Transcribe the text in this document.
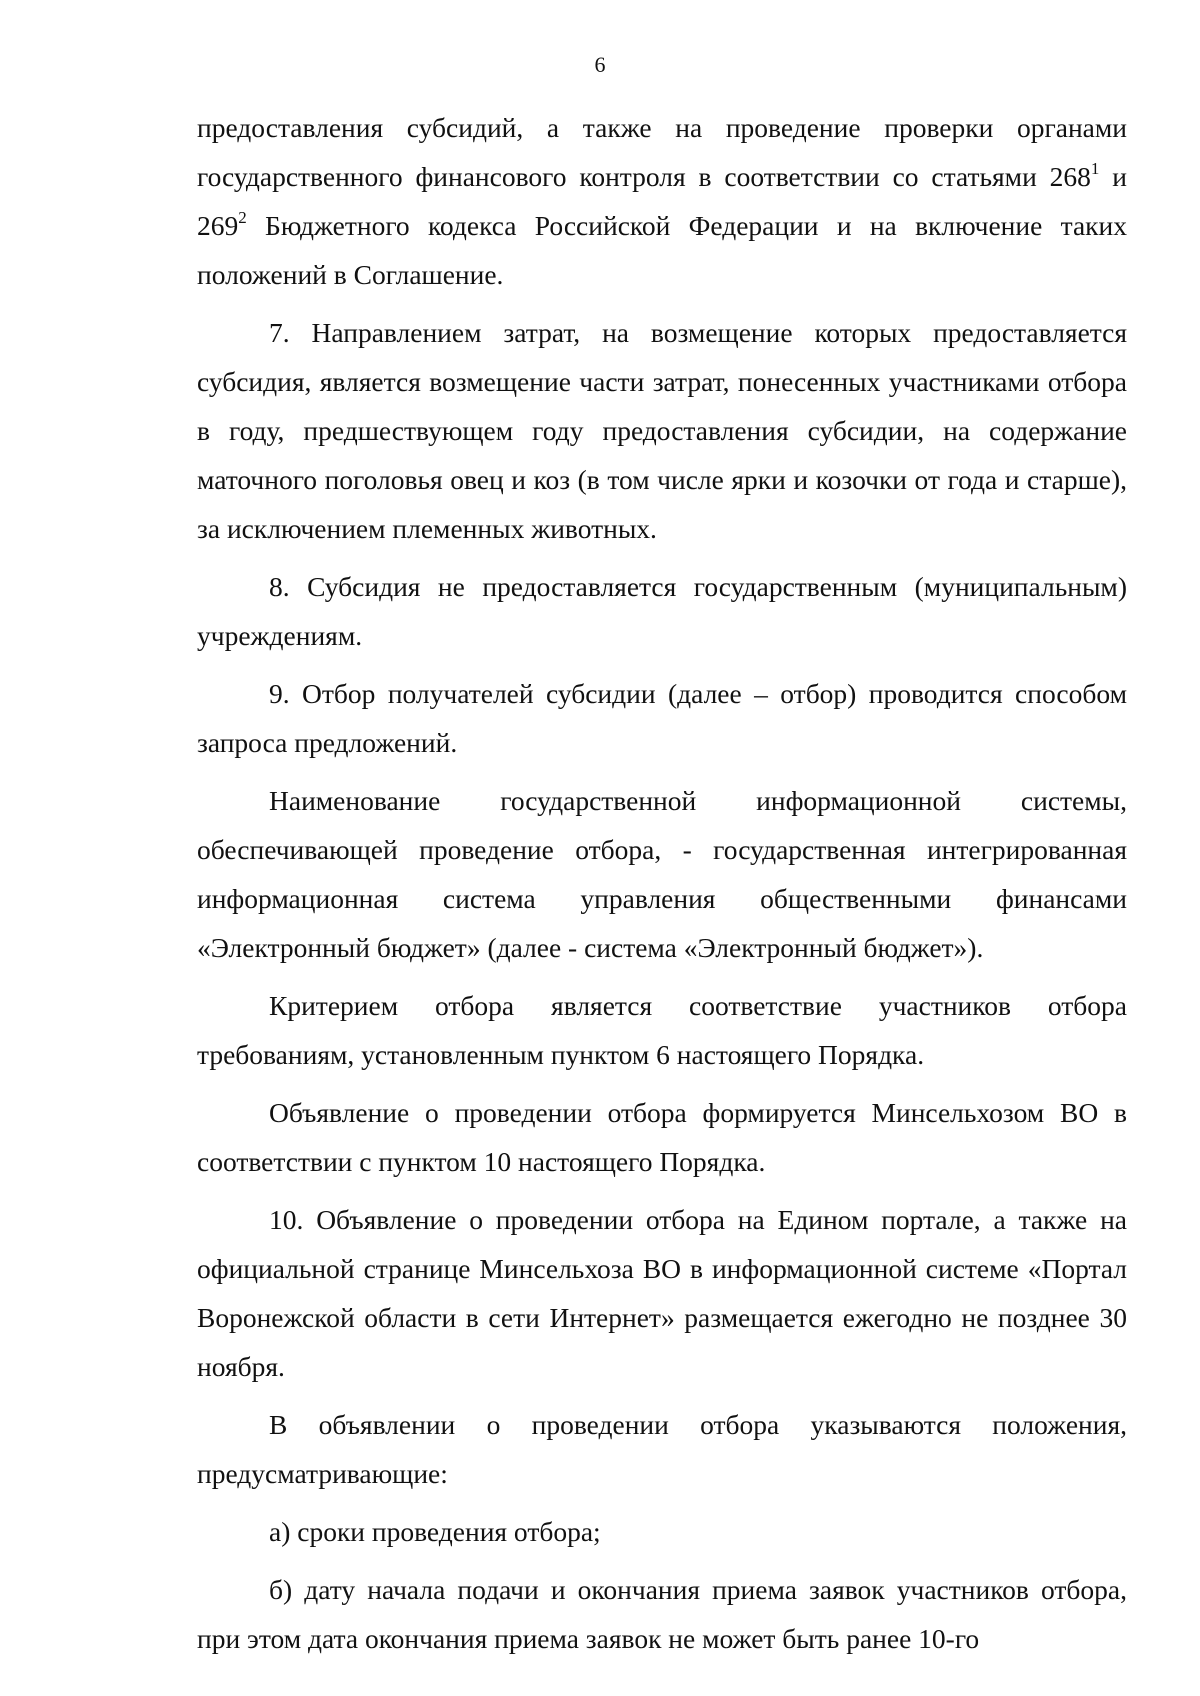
6

предоставления субсидий, а также на проведение проверки органами государственного финансового контроля в соответствии со статьями $268^1$ и $269^2$ Бюджетного кодекса Российской Федерации и на включение таких положений в Соглашение.

7. Направлением затрат, на возмещение которых предоставляется субсидия, является возмещение части затрат, понесенных участниками отбора в году, предшествующем году предоставления субсидии, на содержание маточного поголовья овец и коз (в том числе ярки и козочки от года и старше), за исключением племенных животных.

8. Субсидия не предоставляется государственным (муниципальным) учреждениям.

9. Отбор получателей субсидии (далее – отбор) проводится способом запроса предложений.

Наименование государственной информационной системы, обеспечивающей проведение отбора, - государственная интегрированная информационная система управления общественными финансами «Электронный бюджет» (далее - система «Электронный бюджет»).

Критерием отбора является соответствие участников отбора требованиям, установленным пунктом 6 настоящего Порядка.

Объявление о проведении отбора формируется Минсельхозом ВО в соответствии с пунктом 10 настоящего Порядка.

10. Объявление о проведении отбора на Едином портале, а также на официальной странице Минсельхоза ВО в информационной системе «Портал Воронежской области в сети Интернет» размещается ежегодно не позднее 30 ноября.

В объявлении о проведении отбора указываются положения, предусматривающие:

а) сроки проведения отбора;

б) дату начала подачи и окончания приема заявок участников отбора, при этом дата окончания приема заявок не может быть ранее 10-го
